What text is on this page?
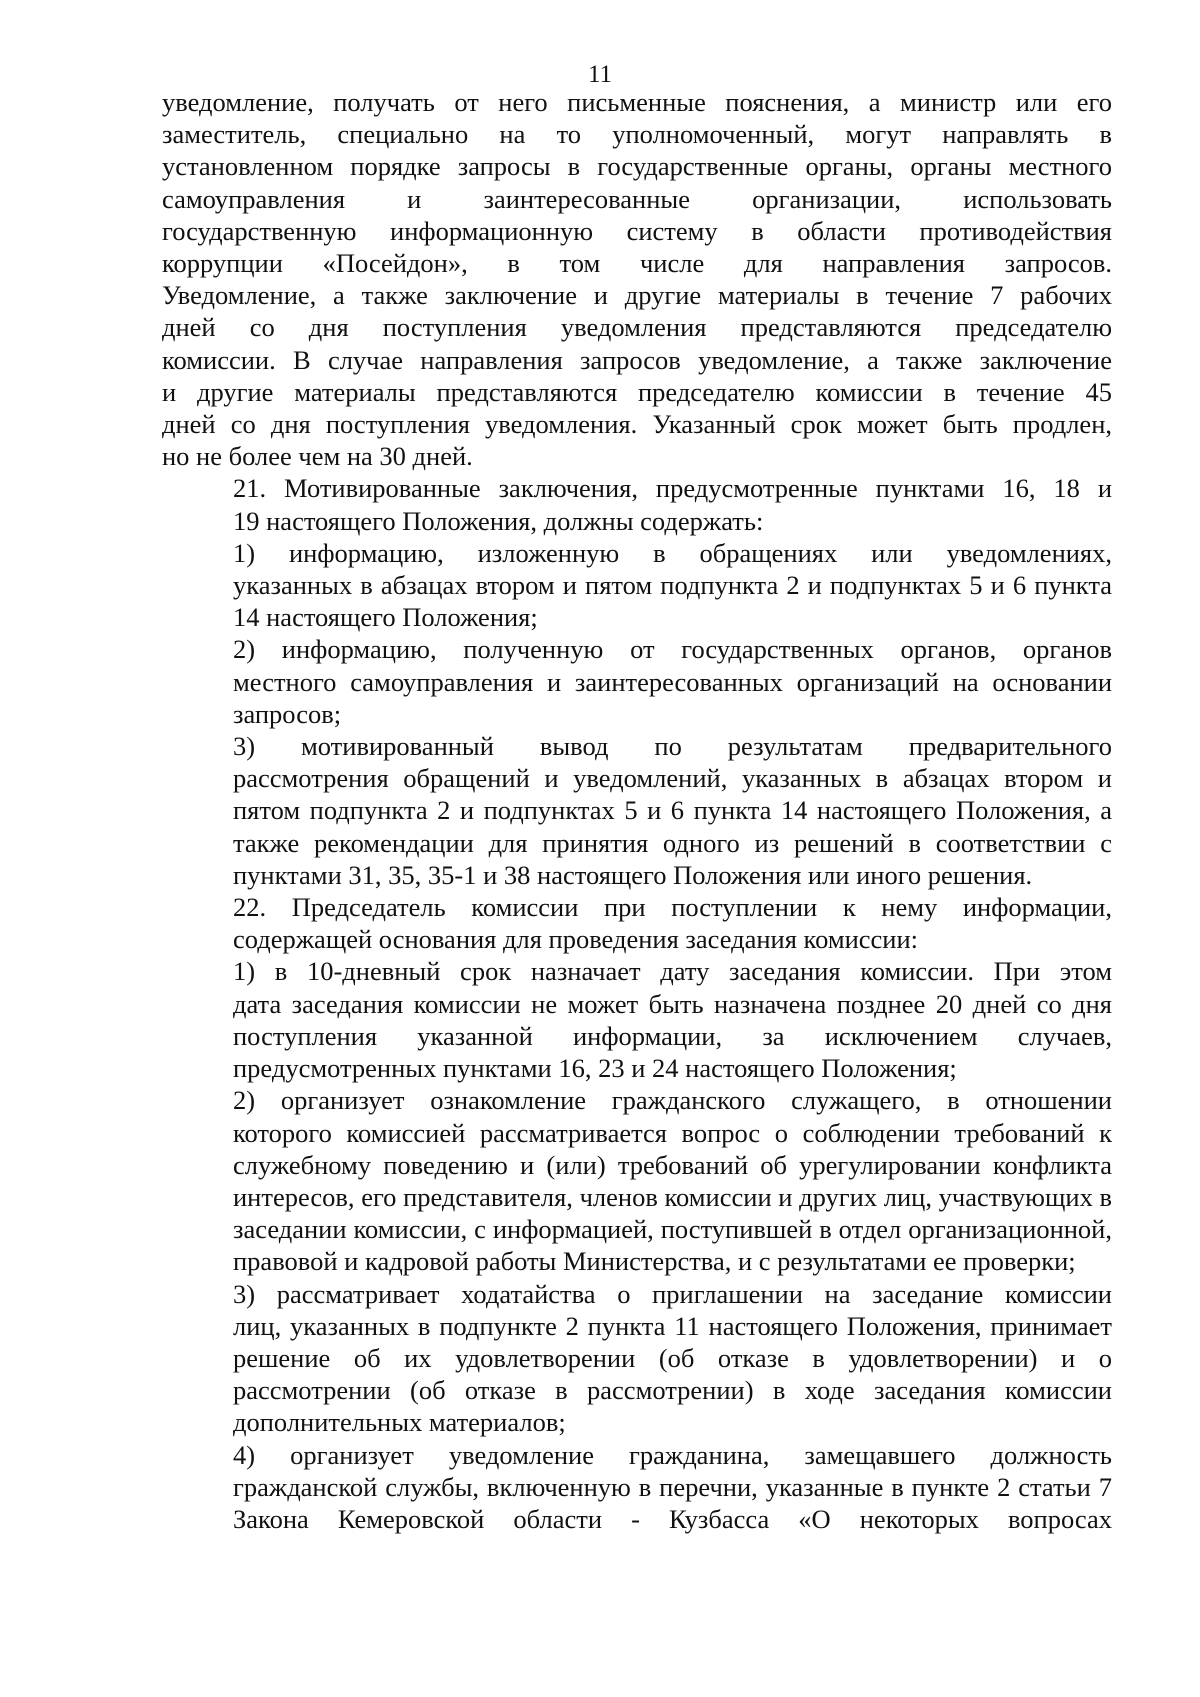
11
уведомление, получать от него письменные пояснения, а министр или его
заместитель, специально на то уполномоченный, могут направлять в
установленном порядке запросы в государственные органы, органы местного
самоуправления и заинтересованные организации, использовать
государственную информационную систему в области противодействия
коррупции «Посейдон», в том числе для направления запросов.
Уведомление, а также заключение и другие материалы в течение 7 рабочих
дней со дня поступления уведомления представляются председателю
комиссии. В случае направления запросов уведомление, а также заключение
и другие материалы представляются председателю комиссии в течение 45
дней со дня поступления уведомления. Указанный срок может быть продлен,
но не более чем на 30 дней.
21. Мотивированные заключения, предусмотренные пунктами 16, 18 и
19 настоящего Положения, должны содержать:
1) информацию, изложенную в обращениях или уведомлениях,
указанных в абзацах втором и пятом подпункта 2 и подпунктах 5 и 6 пункта
14 настоящего Положения;
2) информацию, полученную от государственных органов, органов
местного самоуправления и заинтересованных организаций на основании
запросов;
3) мотивированный вывод по результатам предварительного
рассмотрения обращений и уведомлений, указанных в абзацах втором и
пятом подпункта 2 и подпунктах 5 и 6 пункта 14 настоящего Положения, а
также рекомендации для принятия одного из решений в соответствии с
пунктами 31, 35, 35-1 и 38 настоящего Положения или иного решения.
22. Председатель комиссии при поступлении к нему информации,
содержащей основания для проведения заседания комиссии:
1) в 10-дневный срок назначает дату заседания комиссии. При этом
дата заседания комиссии не может быть назначена позднее 20 дней со дня
поступления указанной информации, за исключением случаев,
предусмотренных пунктами 16, 23 и 24 настоящего Положения;
2) организует ознакомление гражданского служащего, в отношении
которого комиссией рассматривается вопрос о соблюдении требований к
служебному поведению и (или) требований об урегулировании конфликта
интересов, его представителя, членов комиссии и других лиц, участвующих в
заседании комиссии, с информацией, поступившей в отдел организационной,
правовой и кадровой работы Министерства, и с результатами ее проверки;
3) рассматривает ходатайства о приглашении на заседание комиссии
лиц, указанных в подпункте 2 пункта 11 настоящего Положения, принимает
решение об их удовлетворении (об отказе в удовлетворении) и о
рассмотрении (об отказе в рассмотрении) в ходе заседания комиссии
дополнительных материалов;
4) организует уведомление гражданина, замещавшего должность
гражданской службы, включенную в перечни, указанные в пункте 2 статьи 7
Закона Кемеровской области - Кузбасса «О некоторых вопросах
